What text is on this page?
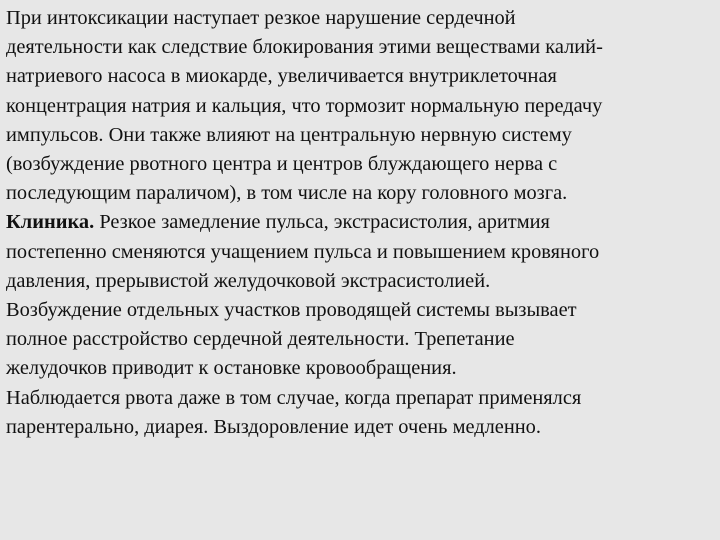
При интоксикации наступает резкое нарушение сердечной
деятельности как следствие блокирования этими веществами калий-
натриевого насоса в миокарде, увеличивается внутриклеточная
концентрация натрия и кальция, что тормозит нормальную передачу
импульсов. Они также влияют на центральную нервную систему
(возбуждение рвотного центра и центров блуждающего нерва с
последующим параличом), в том числе на кору головного мозга.
Клиника. Резкое замедление пульса, экстрасистолия, аритмия
постепенно сменяются учащением пульса и повышением кровяного
давления, прерывистой желудочковой экстрасистолией.
Возбуждение отдельных участков проводящей системы вызывает
полное расстройство сердечной деятельности. Трепетание
желудочков приводит к остановке кровообращения.
Наблюдается рвота даже в том случае, когда препарат применялся
парентерально, диарея. Выздоровление идет очень медленно.
